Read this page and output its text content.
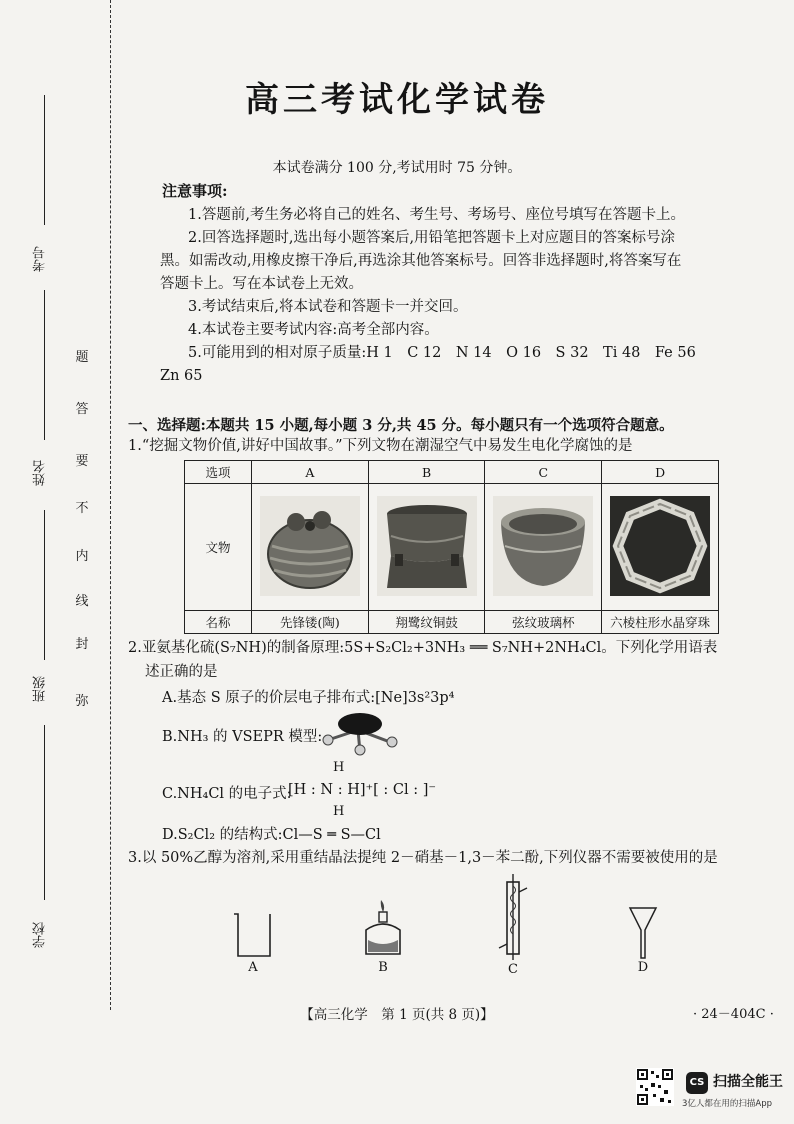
考号
姓名
班级
学校
弥
封
线
内
不
要
答
题
高三考试化学试卷
本试卷满分 100 分,考试用时 75 分钟。
注意事项:
1.答题前,考生务必将自己的姓名、考生号、考场号、座位号填写在答题卡上。
2.回答选择题时,选出每小题答案后,用铅笔把答题卡上对应题目的答案标号涂
黑。如需改动,用橡皮擦干净后,再选涂其他答案标号。回答非选择题时,将答案写在
答题卡上。写在本试卷上无效。
3.考试结束后,将本试卷和答题卡一并交回。
4.本试卷主要考试内容:高考全部内容。
5.可能用到的相对原子质量:H 1　C 12　N 14　O 16　S 32　Ti 48　Fe 56
Zn 65
一、选择题:本题共 15 小题,每小题 3 分,共 45 分。每小题只有一个选项符合题意。
1.“挖掘文物价值,讲好中国故事。”下列文物在潮湿空气中易发生电化学腐蚀的是
选项	A	B	C	D
文物				
名称	先锋镂(陶)	翔鹭纹铜鼓	弦纹玻璃杯	六棱柱形水晶穿珠
2.亚氨基化硫(S₇NH)的制备原理:5S+S₂Cl₂+3NH₃ ══ S₇NH+2NH₄Cl。下列化学用语表
述正确的是
A.基态 S 原子的价层电子排布式:[Ne]3s²3p⁴
B.NH₃ 的 VSEPR 模型:
H
C.NH₄Cl 的电子式:
[H : N : H]⁺[ : Cl : ]⁻
H
D.S₂Cl₂ 的结构式:Cl—S ═ S—Cl
3.以 50%乙醇为溶剂,采用重结晶法提纯 2－硝基－1,3－苯二酚,下列仪器不需要被使用的是
A	B	C	D
【高三化学　第 1 页(共 8 页)】	· 24－404C ·
CS 扫描全能王
3亿人都在用的扫描App
